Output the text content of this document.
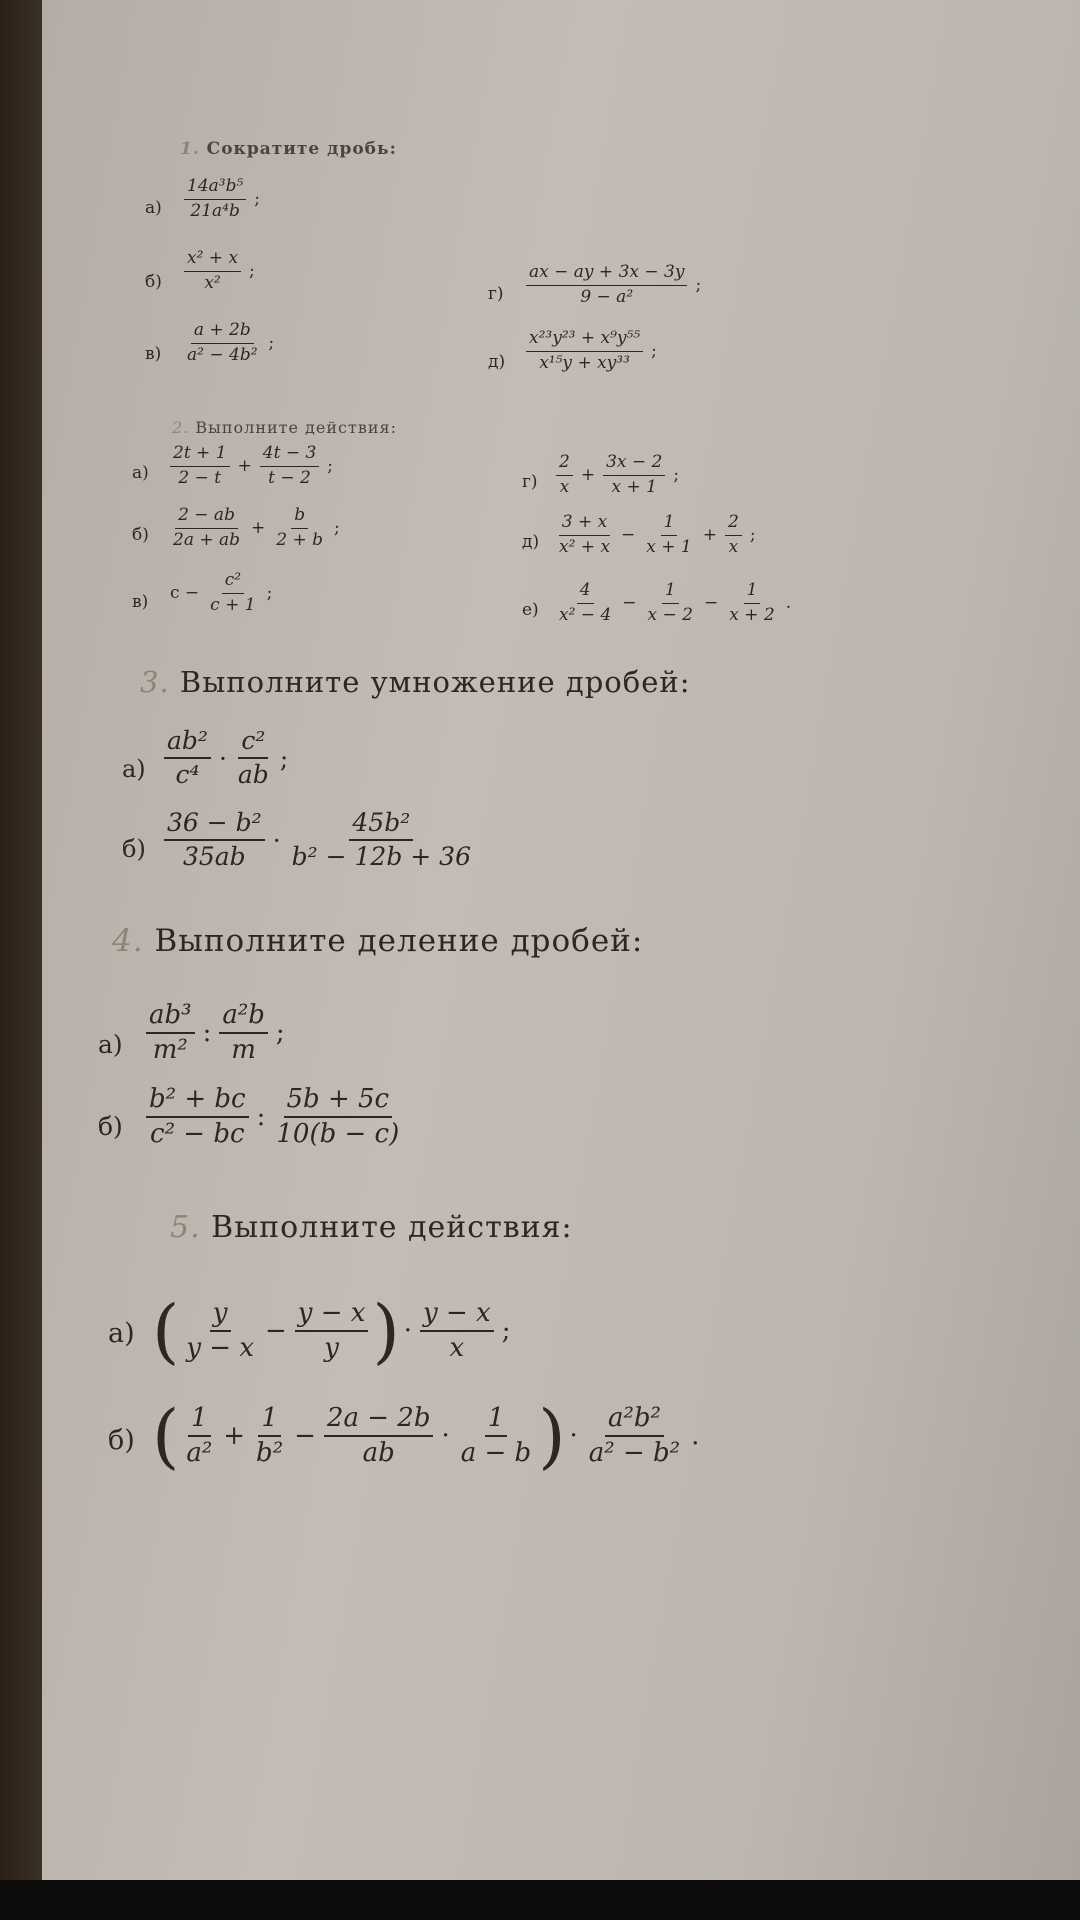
1. Сократите дробь:
$а) \frac{\text{14a³b⁵}}{\text{21a⁴b}}$ ;
$б) \frac{\text{x² + x}}{\text{x²}}$ ;
$в) \frac{a + 2b}{\text{a² − 4b²}}$ ;
$г) \frac{ax - ay + 3x - 3y}{\text{9 − a²}}$ ;
$д) \frac{\text{x²³y²³ + x⁹y⁵⁵}}{\text{x¹⁵y + xy³³}}$ ;
2. Выполните действия:
$а) \frac{2t + 1}{2 - t} + \frac{4t - 3}{t - 2}$ ;
$б) \frac{2 - ab}{2a + ab} + \frac{b}{2 + b}$ ;
в) $c - \frac{\text{c²}}{c + 1}$ ;
$г) \frac{2}{x} + \frac{3x - 2}{x + 1}$ ;
$д) \frac{3 + x}{\text{x² + x}} - \frac{1}{x + 1} + \frac{2}{x}$ ;
$е) \frac{4}{\text{x² − 4}} - \frac{1}{x - 2} - \frac{1}{x + 2}$ .
3. Выполните умножение дробей:
$а) \frac{\text{ab²}}{\text{c⁴}} \cdot \frac{\text{c²}}{ab}$ ;
$б) \frac{\text{36 − b²}}{35ab} \cdot \frac{\text{45b²}}{\text{b² − 12b + 36}}$
4. Выполните деление дробей:
$а) \frac{\text{ab³}}{\text{m²}}$ : $\frac{\text{a²b}}{m}$ ;
$б) \frac{\text{b² + bc}}{\text{c² − bc}}$ : $\frac{5b + 5c}{10(b - c)}$
5. Выполните действия:
а) ( $\frac{y}{y - x} - \frac{y - x}{y}$ ) · $\frac{y - x}{x}$ ;
б) ( $\frac{1}{\text{a²}} + \frac{1}{\text{b²}} - \frac{2a - 2b}{ab} \cdot \frac{1}{a - b}$ ) · $\frac{\text{a²b²}}{\text{a² − b²}}$ .
